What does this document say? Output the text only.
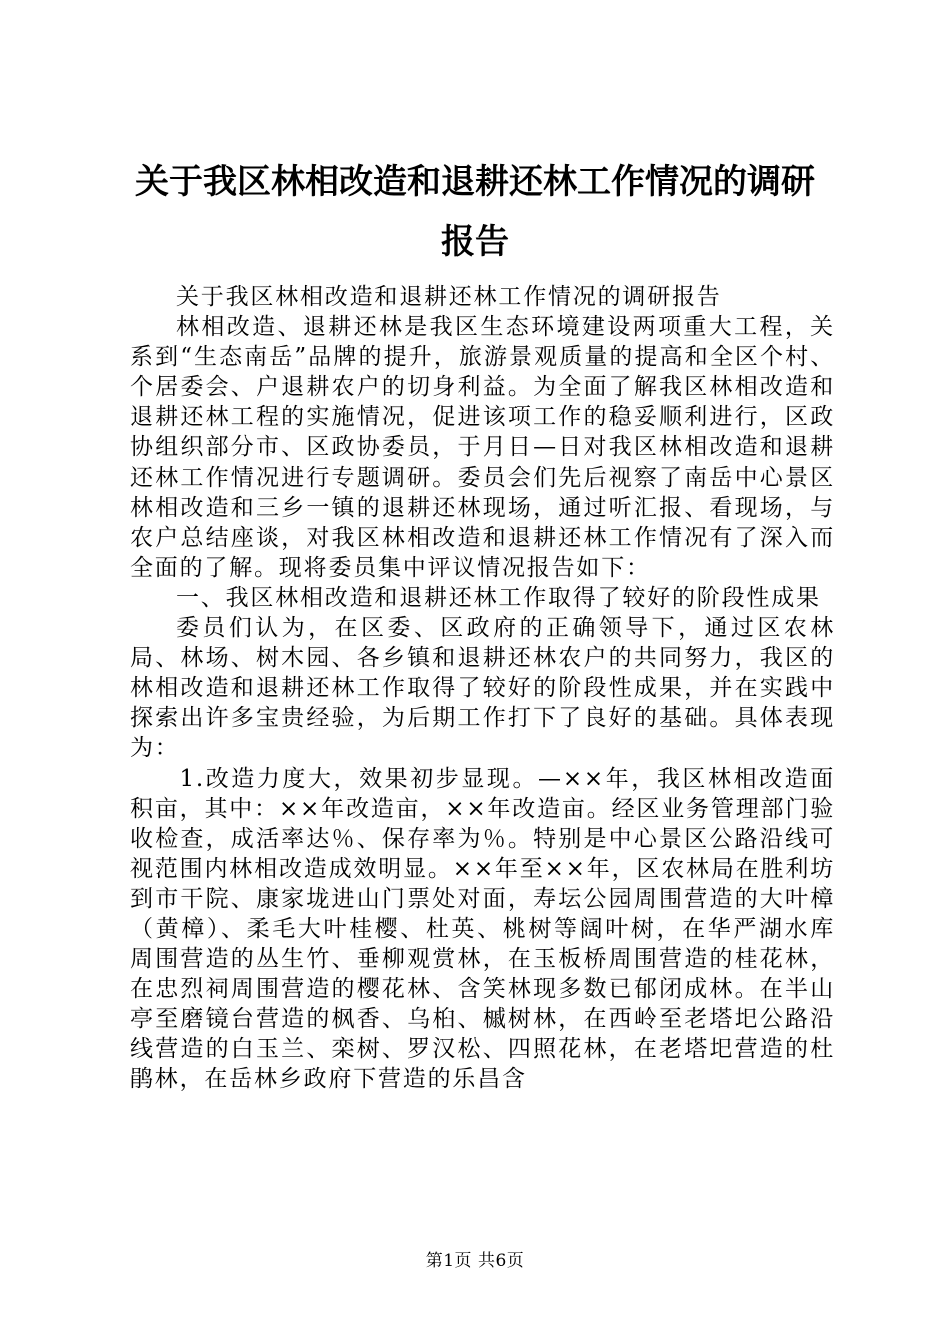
关于我区林相改造和退耕还林工作情况的调研
报告

关于我区林相改造和退耕还林工作情况的调研报告

林相改造、退耕还林是我区生态环境建设两项重大工程，关系到“生态南岳”品牌的提升，旅游景观质量的提高和全区个村、个居委会、户退耕农户的切身利益。为全面了解我区林相改造和退耕还林工程的实施情况，促进该项工作的稳妥顺利进行，区政协组织部分市、区政协委员，于月日—日对我区林相改造和退耕还林工作情况进行专题调研。委员会们先后视察了南岳中心景区林相改造和三乡一镇的退耕还林现场，通过听汇报、看现场，与农户总结座谈，对我区林相改造和退耕还林工作情况有了深入而全面的了解。现将委员集中评议情况报告如下：

一、我区林相改造和退耕还林工作取得了较好的阶段性成果

委员们认为，在区委、区政府的正确领导下，通过区农林局、林场、树木园、各乡镇和退耕还林农户的共同努力，我区的林相改造和退耕还林工作取得了较好的阶段性成果，并在实践中探索出许多宝贵经验，为后期工作打下了良好的基础。具体表现为：

1.改造力度大，效果初步显现。—××年，我区林相改造面积亩，其中：××年改造亩，××年改造亩。经区业务管理部门验收检查，成活率达％、保存率为％。特别是中心景区公路沿线可视范围内林相改造成效明显。××年至××年，区农林局在胜利坊到市干院、康家垅进山门票处对面，寿坛公园周围营造的大叶樟（黄樟）、柔毛大叶桂樱、杜英、桃树等阔叶树，在华严湖水库周围营造的丛生竹、垂柳观赏林，在玉板桥周围营造的桂花林，在忠烈祠周围营造的樱花林、含笑林现多数已郁闭成林。在半山亭至磨镜台营造的枫香、乌桕、槭树林，在西岭至老塔圯公路沿线营造的白玉兰、栾树、罗汉松、四照花林，在老塔圯营造的杜鹃林，在岳林乡政府下营造的乐昌含

第1页 共6页
